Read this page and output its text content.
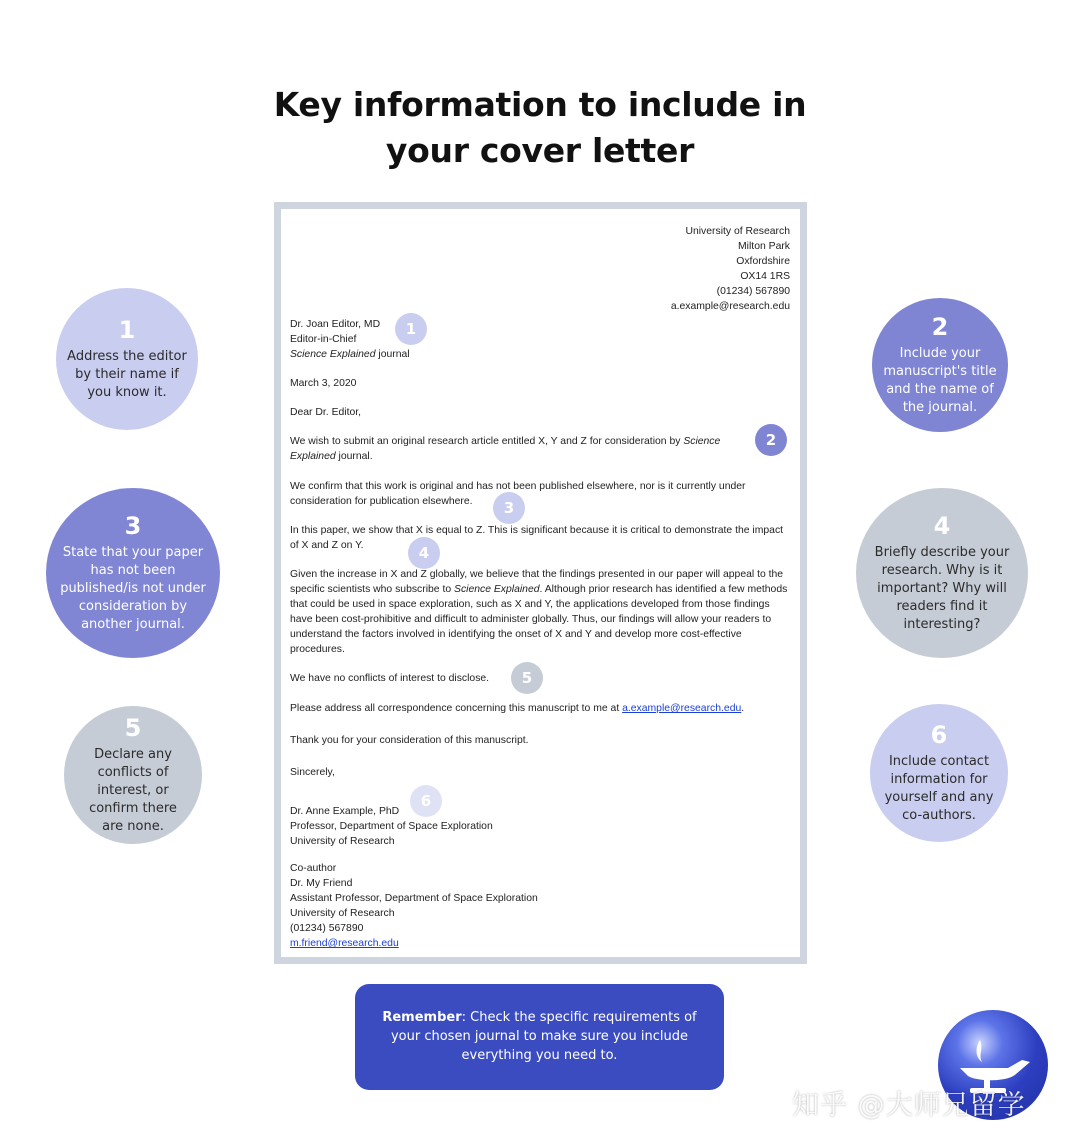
Key information to include in
your cover letter
University of Research
Milton Park
Oxfordshire
OX14 1RS
(01234) 567890
a.example@research.edu
Dr. Joan Editor, MD
Editor-in-Chief
Science Explained journal
March 3, 2020
Dear Dr. Editor,
We wish to submit an original research article entitled X, Y and Z for consideration by Science Explained journal.
We confirm that this work is original and has not been published elsewhere, nor is it currently under consideration for publication elsewhere.
In this paper, we show that X is equal to Z. This is significant because it is critical to demonstrate the impact of X and Z on Y.
Given the increase in X and Z globally, we believe that the findings presented in our paper will appeal to the specific scientists who subscribe to Science Explained. Although prior research has identified a few methods that could be used in space exploration, such as X and Y, the applications developed from those findings have been cost-prohibitive and difficult to administer globally. Thus, our findings will allow your readers to understand the factors involved in identifying the onset of X and Y and develop more cost-effective procedures.
We have no conflicts of interest to disclose.
Please address all correspondence concerning this manuscript to me at a.example@research.edu.
Thank you for your consideration of this manuscript.
Sincerely,
Dr. Anne Example, PhD
Professor, Department of Space Exploration
University of Research
Co-author
Dr. My Friend
Assistant Professor, Department of Space Exploration
University of Research
(01234) 567890
m.friend@research.edu
1
2
3
4
5
6
1
Address the editor by their name if you know it.
3
State that your paper has not been published/is not under consideration by another journal.
5
Declare any conflicts of interest, or confirm there are none.
2
Include your manuscript's title and the name of the journal.
4
Briefly describe your research. Why is it important? Why will readers find it interesting?
6
Include contact information for yourself and any co-authors.
Remember: Check the specific requirements of your chosen journal to make sure you include everything you need to.
知乎 @大师兄留学
